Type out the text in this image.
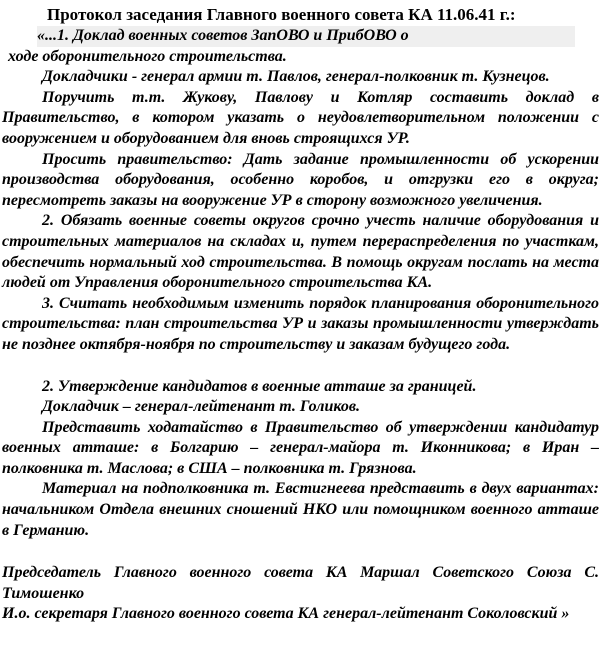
Протокол заседания Главного военного совета КА 11.06.41 г.:

«...1. Доклад военных советов ЗапОВО и ПрибОВО о

ходе оборонительного строительства.

Докладчики - генерал армии т. Павлов, генерал-полковник т. Кузнецов.

Поручить т.т. Жукову, Павлову и Котляр составить доклад в Правительство, в котором указать о неудовлетворительном положении с вооружением и оборудованием для вновь строящихся УР.

Просить правительство: Дать задание промышленности об ускорении производства оборудования, особенно коробов, и отгрузки его в округа; пересмотреть заказы на вооружение УР в сторону возможного увеличения.

2. Обязать военные советы округов срочно учесть наличие оборудования и строительных материалов на складах и, путем перераспределения по участкам, обеспечить нормальный ход строительства. В помощь округам послать на места людей от Управления оборонительного строительства КА.

3. Считать необходимым изменить порядок планирования оборонительного строительства: план строительства УР и заказы промышленности утверждать не позднее октября-ноября по строительству и заказам будущего года.

2. Утверждение кандидатов в военные атташе за границей.

Докладчик – генерал-лейтенант т. Голиков.

Представить ходатайство в Правительство об утверждении кандидатур военных атташе: в Болгарию – генерал-майора т. Иконникова; в Иран – полковника т. Маслова; в США – полковника т. Грязнова.

Материал на подполковника т. Евстигнеева представить в двух вариантах: начальником Отдела внешних сношений НКО или помощником военного атташе в Германию.

Председатель Главного военного совета КА Маршал Советского Союза С. Тимошенко

И.о. секретаря Главного военного совета КА генерал-лейтенант Соколовский »
